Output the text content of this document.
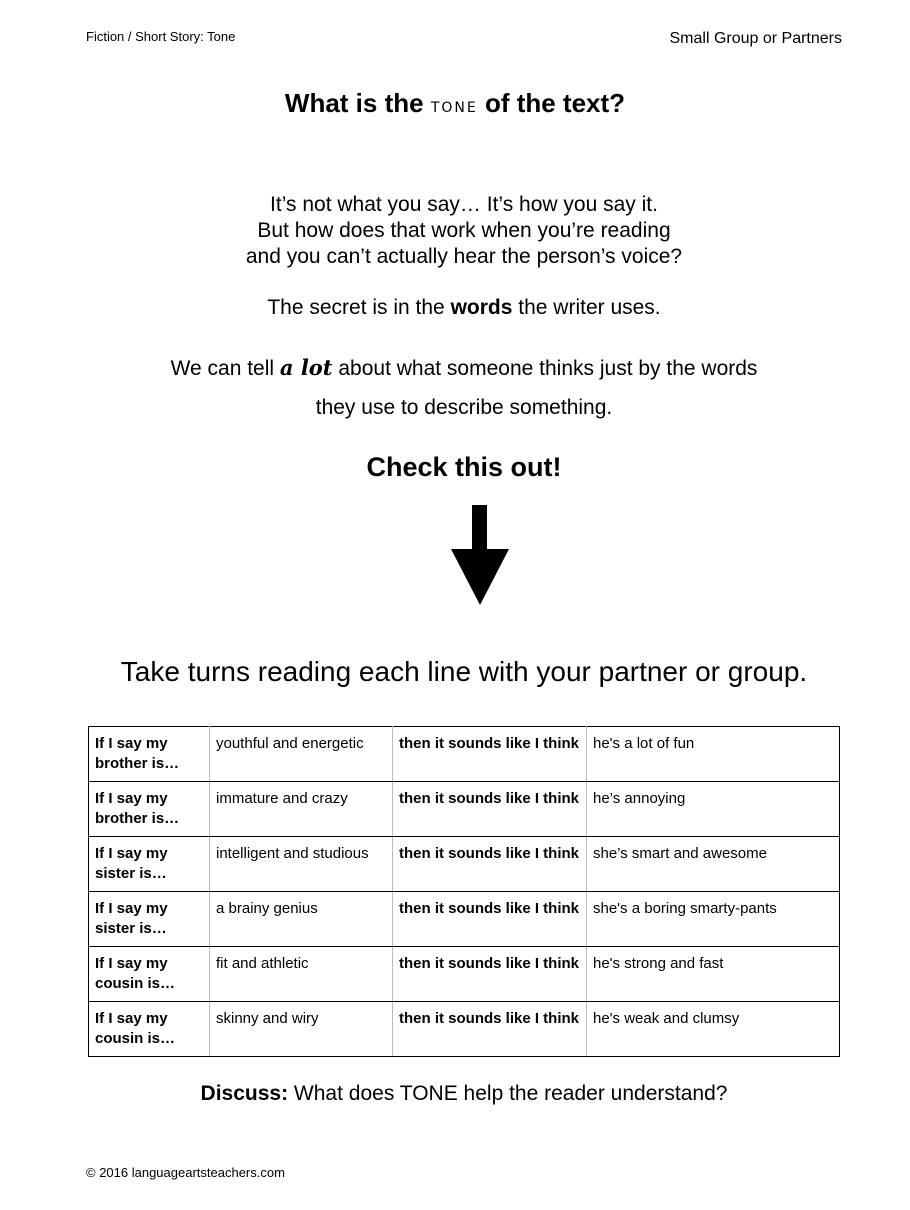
Fiction / Short Story: Tone	Small Group or Partners
What is the tone of the text?
It’s not what you say… It’s how you say it.
But how does that work when you’re reading
and you can’t actually hear the person’s voice?
The secret is in the words the writer uses.
We can tell a lot about what someone thinks just by the words
they use to describe something.
Check this out!
Take turns reading each line with your partner or group.
If I say my brother is…	youthful and energetic	then it sounds like I think	he's a lot of fun
If I say my brother is…	immature and crazy	then it sounds like I think	he’s annoying
If I say my sister is…	intelligent and studious	then it sounds like I think	she’s smart and awesome
If I say my sister is…	a brainy genius	then it sounds like I think	she's a boring smarty-pants
If I say my cousin is…	fit and athletic	then it sounds like I think	he's strong and fast
If I say my cousin is…	skinny and wiry	then it sounds like I think	he's weak and clumsy
Discuss: What does TONE help the reader understand?
© 2016 languageartsteachers.com
